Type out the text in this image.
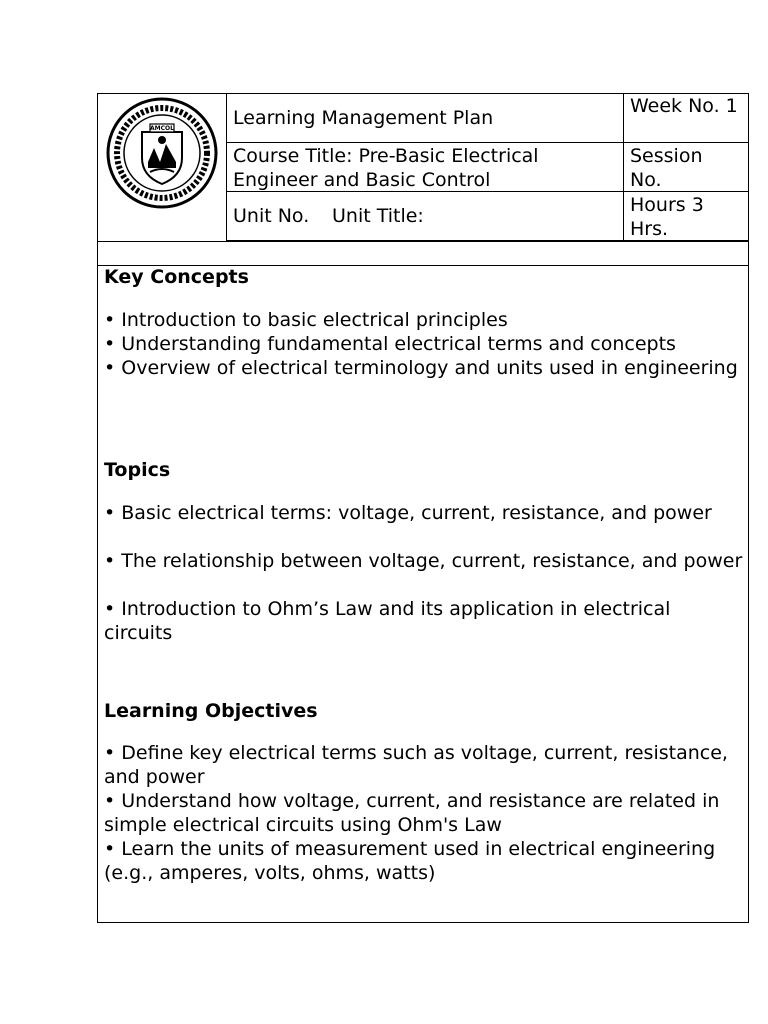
AMCOL	Learning Management Plan
Week No. 1
Course Title: Pre-Basic Electrical Engineer and Basic Control
Session No.
Unit No. Unit Title:	Hours 3 Hrs.

Key Concepts

• Introduction to basic electrical principles

• Understanding fundamental electrical terms and concepts

• Overview of electrical terminology and units used in engineering

Topics

• Basic electrical terms: voltage, current, resistance, and power

• The relationship between voltage, current, resistance, and power

• Introduction to Ohm’s Law and its application in electrical circuits

Learning Objectives

• Define key electrical terms such as voltage, current, resistance, and power

• Understand how voltage, current, and resistance are related in simple electrical circuits using Ohm's Law

• Learn the units of measurement used in electrical engineering (e.g., amperes, volts, ohms, watts)
